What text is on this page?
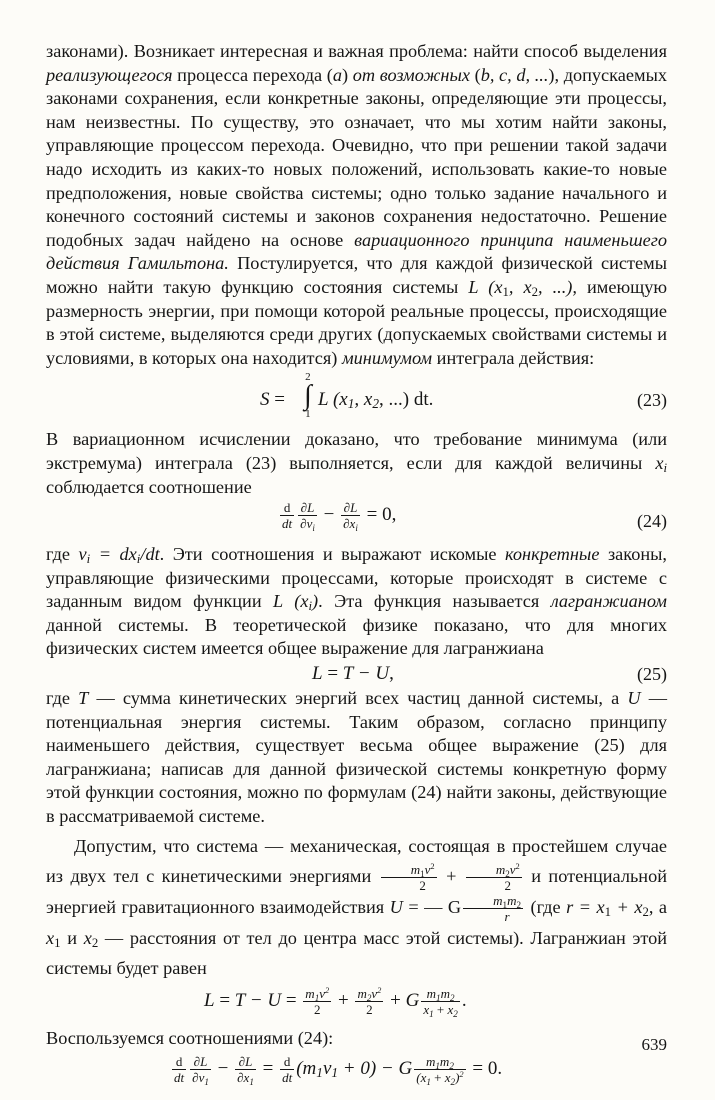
законами). Возникает интересная и важная проблема: найти способ выделения реализующегося процесса перехода (a) от возможных (b, c, d, ...), допускаемых законами сохранения, если конкретные законы, определяющие эти процессы, нам неизвестны. По существу, это означает, что мы хотим найти законы, управляющие процессом перехода. Очевидно, что при решении такой задачи надо исходить из каких-то новых положений, использовать какие-то новые предположения, новые свойства системы; одно только задание начального и конечного состояний системы и законов сохранения недостаточно. Решение подобных задач найдено на основе вариационного принципа наименьшего действия Гамильтона. Постулируется, что для каждой физической системы можно найти такую функцию состояния системы L ($x_1$, $x_2$, ...), имеющую размерность энергии, при помощи которой реальные процессы, происходящие в этой системе, выделяются среди других (допускаемых свойствами системы и условиями, в которых она находится) минимумом интеграла действия:

S =
2
∫
1
L ($x_1$, $x_2$, ...) dt.	(23)

В вариационном исчислении доказано, что требование минимума (или экстремума) интеграла (23) выполняется, если для каждой величины $x_i$ соблюдается соотношение

$\frac{d}{dt} \frac{\partial L}{\partial v_i} - \frac{\partial L}{\partial x_i} = 0$,	(24)

где $v_i = dx_i/dt$. Эти соотношения и выражают искомые конкретные законы, управляющие физическими процессами, которые происходят в системе с заданным видом функции L $(x_i)$. Эта функция называется лагранжианом данной системы. В теоретической физике показано, что для многих физических систем имеется общее выражение для лагранжиана

L = T − U,	(25)

где T — сумма кинетических энергий всех частиц данной системы, а U — потенциальная энергия системы. Таким образом, согласно принципу наименьшего действия, существует весьма общее выражение (25) для лагранжиана; написав для данной физической системы конкретную форму этой функции состояния, можно по формулам (24) найти законы, действующие в рассматриваемой системе.

Допустим, что система — механическая, состоящая в простейшем случае из двух тел с кинетическими энергиями $\frac{m_1v^2}{2} + \frac{m_2v^2}{2}$ и потенциальной энергией гравитационного взаимодействия U = — G $\frac{m_1m_2}{r} (где$ $r = x_1 + x_2$, а $x_1$ и $x_2$ — расстояния от тел до центра масс этой системы). Лагранжиан этой системы будет равен

$L = T - U = \frac{m_1v^2}{2} + \frac{m_2v^2}{2} + G \frac{m_1m_2}{x_1 + x_2}$ .

Воспользуемся соотношениями (24):

$\frac{d}{dt} \frac{\partial L}{\partial v_1} - \frac{\partial L}{\partial x_1} = \frac{d}{dt} (m_1v_1 + 0) - G \frac{m_1m_2}{(x_1 + x_2)^2} = 0$.
639
